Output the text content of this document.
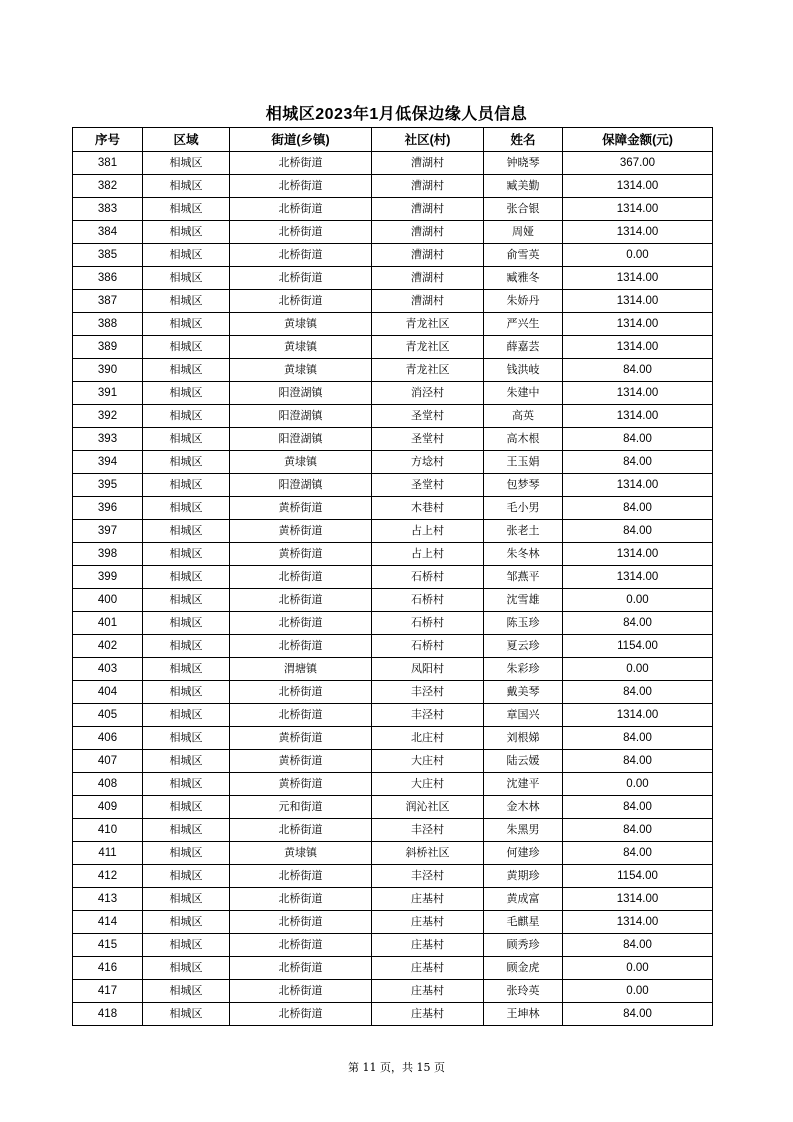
相城区2023年1月低保边缘人员信息
序号	区域	街道(乡镇)	社区(村)	姓名	保障金额(元)
381	相城区	北桥街道	漕湖村	钟晓琴	367.00
382	相城区	北桥街道	漕湖村	臧美勤	1314.00
383	相城区	北桥街道	漕湖村	张合银	1314.00
384	相城区	北桥街道	漕湖村	周娅	1314.00
385	相城区	北桥街道	漕湖村	俞雪英	0.00
386	相城区	北桥街道	漕湖村	臧雅冬	1314.00
387	相城区	北桥街道	漕湖村	朱娇丹	1314.00
388	相城区	黄埭镇	青龙社区	严兴生	1314.00
389	相城区	黄埭镇	青龙社区	薛嘉芸	1314.00
390	相城区	黄埭镇	青龙社区	钱洪岐	84.00
391	相城区	阳澄湖镇	消泾村	朱建中	1314.00
392	相城区	阳澄湖镇	圣堂村	高英	1314.00
393	相城区	阳澄湖镇	圣堂村	高木根	84.00
394	相城区	黄埭镇	方埝村	王玉娟	84.00
395	相城区	阳澄湖镇	圣堂村	包梦琴	1314.00
396	相城区	黄桥街道	木巷村	毛小男	84.00
397	相城区	黄桥街道	占上村	张老土	84.00
398	相城区	黄桥街道	占上村	朱冬林	1314.00
399	相城区	北桥街道	石桥村	邹燕平	1314.00
400	相城区	北桥街道	石桥村	沈雪雄	0.00
401	相城区	北桥街道	石桥村	陈玉珍	84.00
402	相城区	北桥街道	石桥村	夏云珍	1154.00
403	相城区	渭塘镇	凤阳村	朱彩珍	0.00
404	相城区	北桥街道	丰泾村	戴美琴	84.00
405	相城区	北桥街道	丰泾村	章国兴	1314.00
406	相城区	黄桥街道	北庄村	刘根娣	84.00
407	相城区	黄桥街道	大庄村	陆云媛	84.00
408	相城区	黄桥街道	大庄村	沈建平	0.00
409	相城区	元和街道	润沁社区	金木林	84.00
410	相城区	北桥街道	丰泾村	朱黑男	84.00
411	相城区	黄埭镇	斜桥社区	何建珍	84.00
412	相城区	北桥街道	丰泾村	黄期珍	1154.00
413	相城区	北桥街道	庄基村	黄成富	1314.00
414	相城区	北桥街道	庄基村	毛麒星	1314.00
415	相城区	北桥街道	庄基村	顾秀珍	84.00
416	相城区	北桥街道	庄基村	顾金虎	0.00
417	相城区	北桥街道	庄基村	张玲英	0.00
418	相城区	北桥街道	庄基村	王坤林	84.00
第 11 页，共 15 页
